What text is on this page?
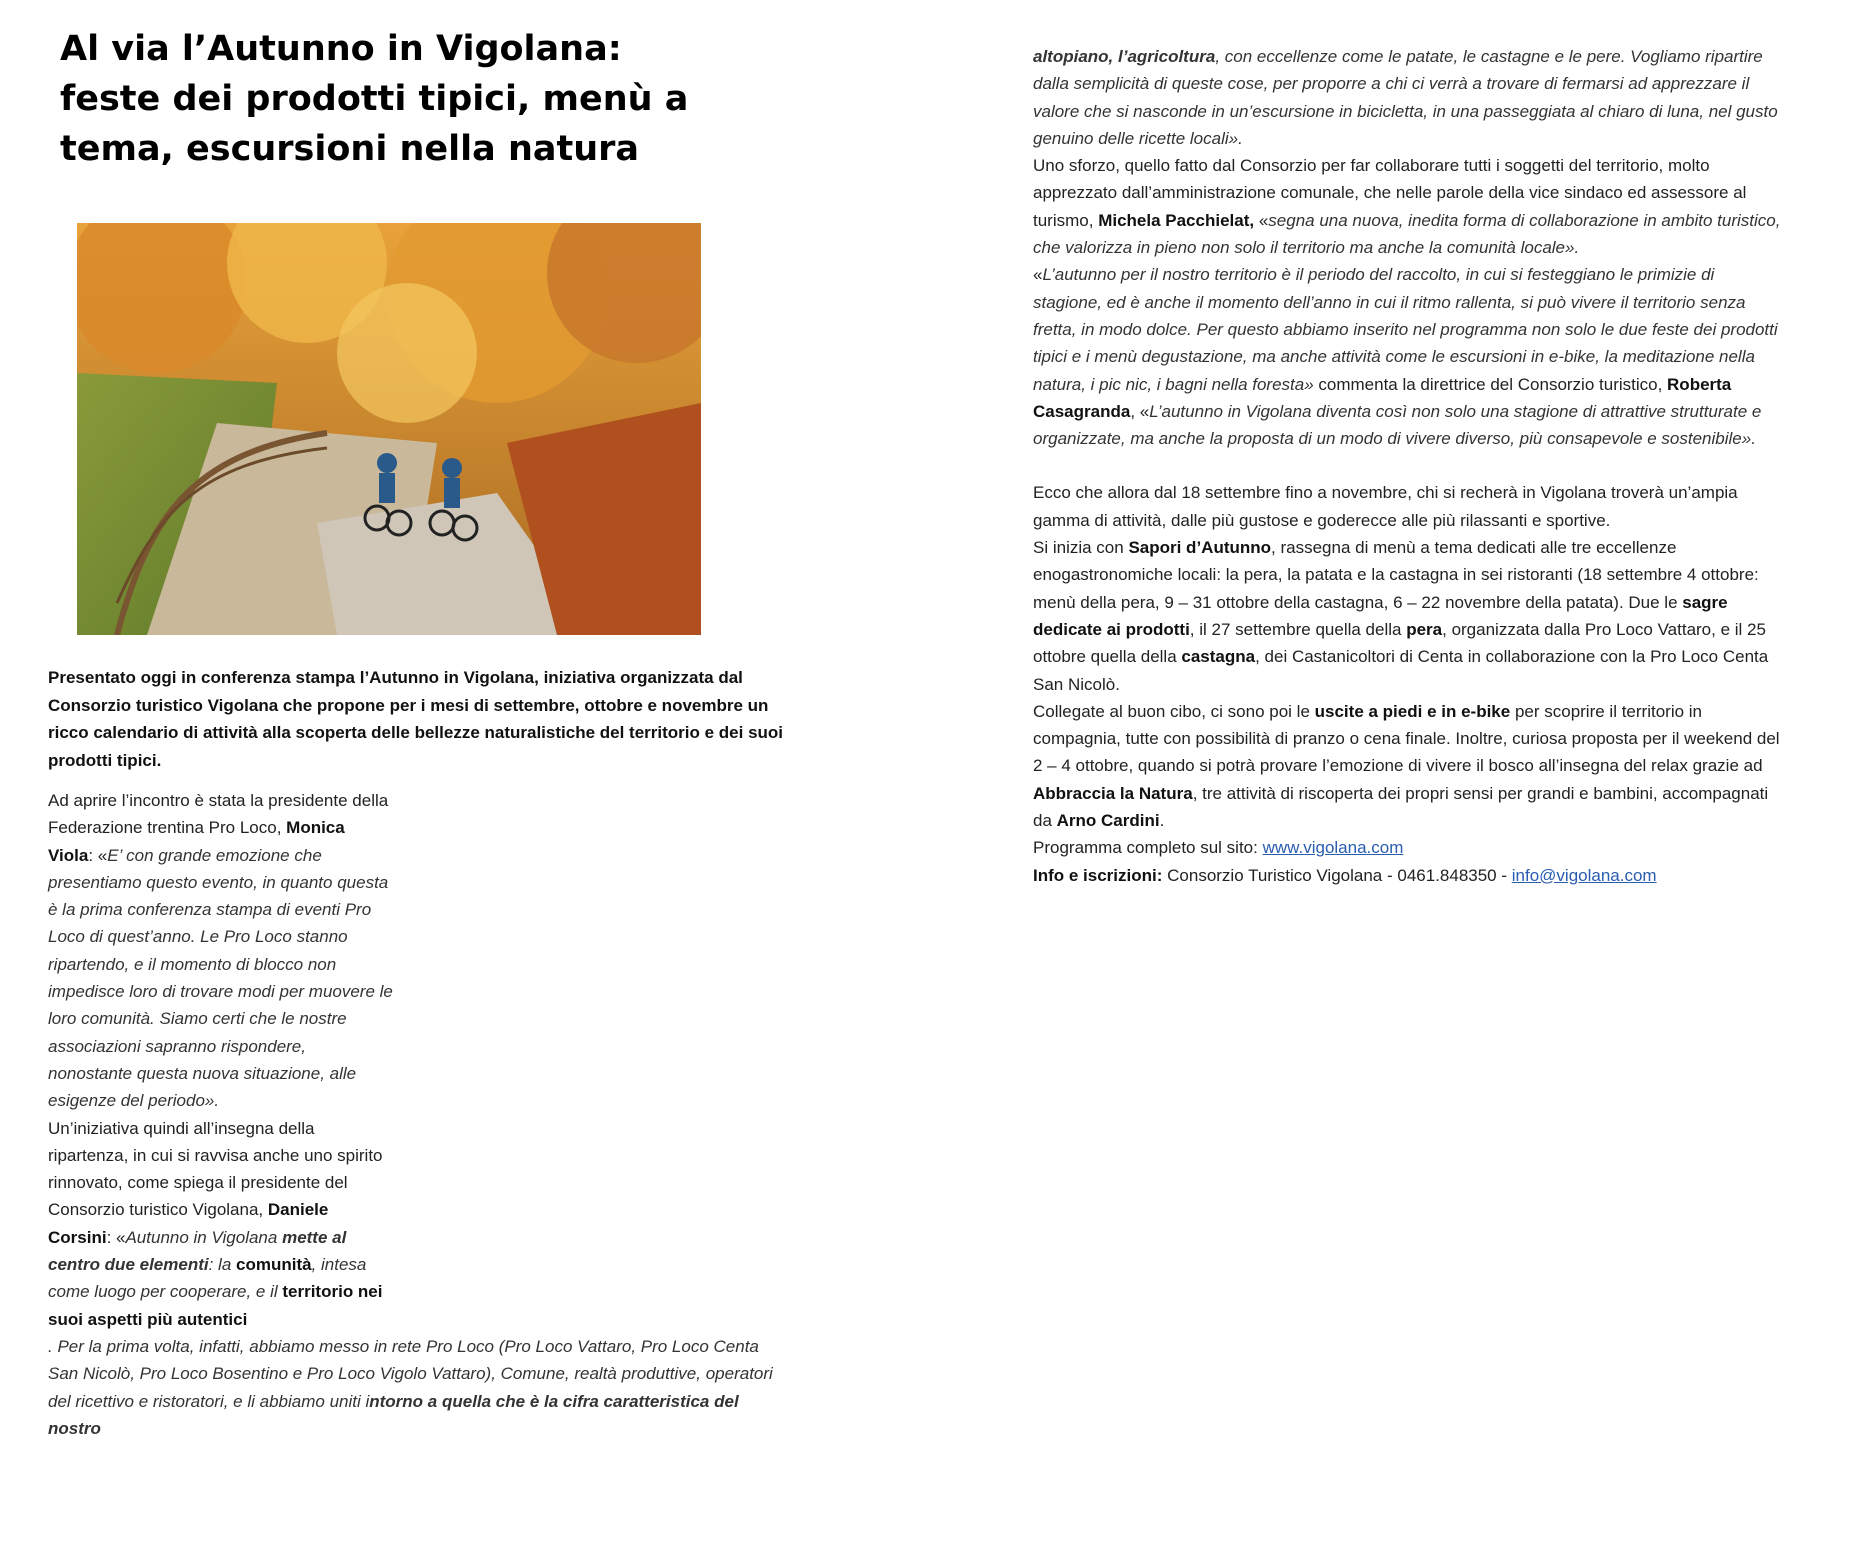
Al via l’Autunno in Vigolana: feste dei prodotti tipici, menù a tema, escursioni nella natura

Presentato oggi in conferenza stampa l’Autunno in Vigolana, iniziativa organizzata dal Consorzio turistico Vigolana che propone per i mesi di settembre, ottobre e novembre un ricco calendario di attività alla scoperta delle bellezze naturalistiche del territorio e dei suoi prodotti tipici.

Ad aprire l’incontro è stata la presidente della Federazione trentina Pro Loco, Monica Viola: «E’ con grande emozione che presentiamo questo evento, in quanto questa è la prima conferenza stampa di eventi Pro Loco di quest’anno. Le Pro Loco stanno ripartendo, e il momento di blocco non impedisce loro di trovare modi per muovere le loro comunità. Siamo certi che le nostre associazioni sapranno rispondere, nonostante questa nuova situazione, alle esigenze del periodo».
Un’iniziativa quindi all’insegna della ripartenza, in cui si ravvisa anche uno spirito rinnovato, come spiega il presidente del Consorzio turistico Vigolana, Daniele Corsini: «Autunno in Vigolana mette al centro due elementi: la comunità, intesa come luogo per cooperare, e il territorio nei suoi aspetti più autentici
. Per la prima volta, infatti, abbiamo messo in rete Pro Loco (Pro Loco Vattaro, Pro Loco Centa San Nicolò, Pro Loco Bosentino e Pro Loco Vigolo Vattaro), Comune, realtà produttive, operatori del ricettivo e ristoratori, e li abbiamo uniti intorno a quella che è la cifra caratteristica del nostro

altopiano, l’agricoltura, con eccellenze come le patate, le castagne e le pere. Vogliamo ripartire dalla semplicità di queste cose, per proporre a chi ci verrà a trovare di fermarsi ad apprezzare il valore che si nasconde in un’escursione in bicicletta, in una passeggiata al chiaro di luna, nel gusto genuino delle ricette locali».

Uno sforzo, quello fatto dal Consorzio per far collaborare tutti i soggetti del territorio, molto apprezzato dall’amministrazione comunale, che nelle parole della vice sindaco ed assessore al turismo, Michela Pacchielat, «segna una nuova, inedita forma di collaborazione in ambito turistico, che valorizza in pieno non solo il territorio ma anche la comunità locale».

«L’autunno per il nostro territorio è il periodo del raccolto, in cui si festeggiano le primizie di stagione, ed è anche il momento dell’anno in cui il ritmo rallenta, si può vivere il territorio senza fretta, in modo dolce. Per questo abbiamo inserito nel programma non solo le due feste dei prodotti tipici e i menù degustazione, ma anche attività come le escursioni in e-bike, la meditazione nella natura, i pic nic, i bagni nella foresta» commenta la direttrice del Consorzio turistico, Roberta Casagranda, «L’autunno in Vigolana diventa così non solo una stagione di attrattive strutturate e organizzate, ma anche la proposta di un modo di vivere diverso, più consapevole e sostenibile».

Ecco che allora dal 18 settembre fino a novembre, chi si recherà in Vigolana troverà un’ampia gamma di attività, dalle più gustose e goderecce alle più rilassanti e sportive.

Si inizia con Sapori d’Autunno, rassegna di menù a tema dedicati alle tre eccellenze enogastronomiche locali: la pera, la patata e la castagna in sei ristoranti (18 settembre 4 ottobre: menù della pera, 9 – 31 ottobre della castagna, 6 – 22 novembre della patata). Due le sagre dedicate ai prodotti, il 27 settembre quella della pera, organizzata dalla Pro Loco Vattaro, e il 25 ottobre quella della castagna, dei Castanicoltori di Centa in collaborazione con la Pro Loco Centa San Nicolò.

Collegate al buon cibo, ci sono poi le uscite a piedi e in e-bike per scoprire il territorio in compagnia, tutte con possibilità di pranzo o cena finale. Inoltre, curiosa proposta per il weekend del 2 – 4 ottobre, quando si potrà provare l’emozione di vivere il bosco all’insegna del relax grazie ad Abbraccia la Natura, tre attività di riscoperta dei propri sensi per grandi e bambini, accompagnati da Arno Cardini.

Programma completo sul sito: www.vigolana.com

Info e iscrizioni: Consorzio Turistico Vigolana - 0461.848350 - info@vigolana.com
